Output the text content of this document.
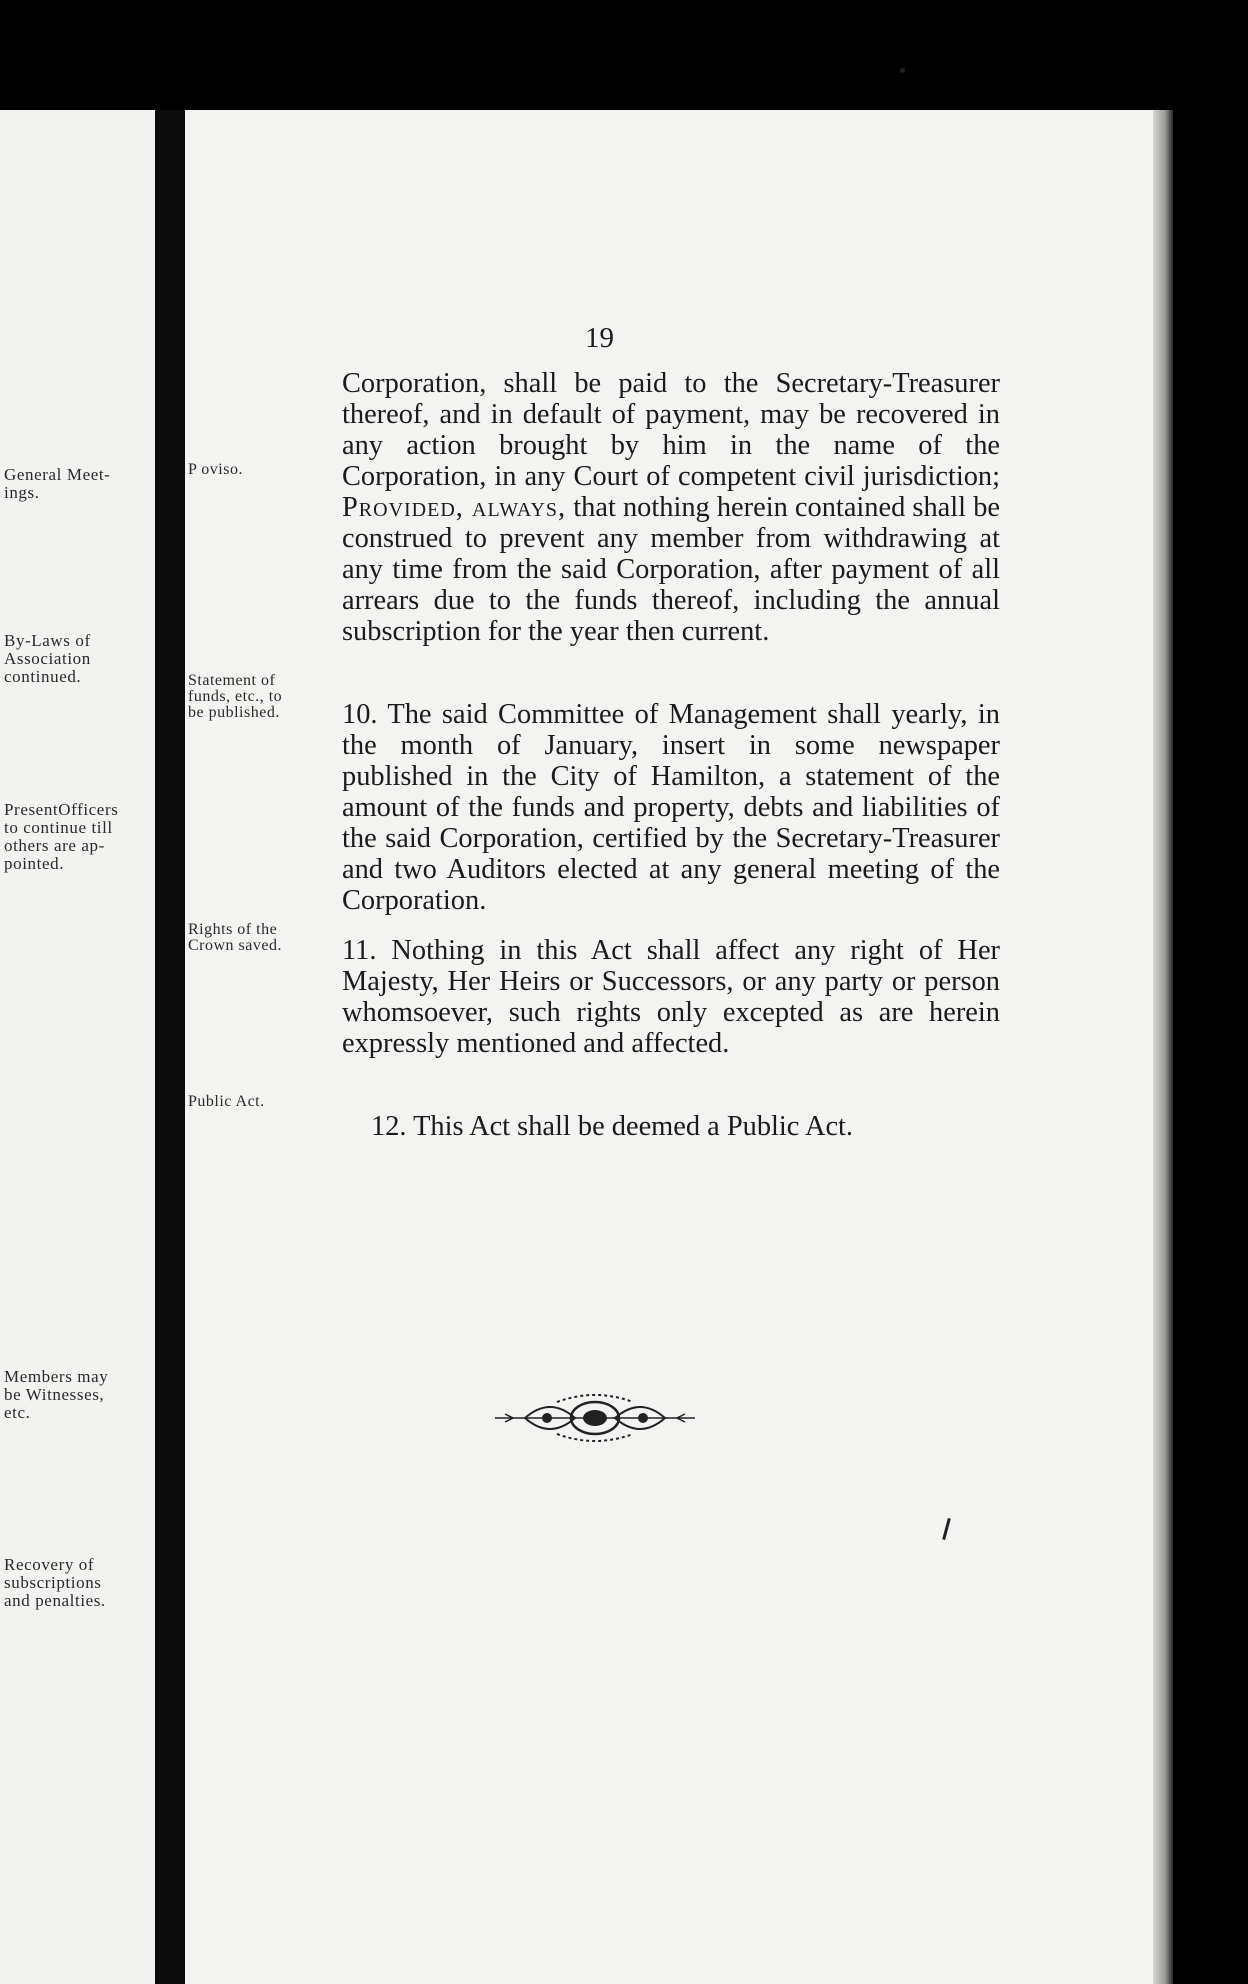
General Meet-
ings.
By-Laws of
Association
continued.
PresentOfficers
to continue till
others are ap-
pointed.
Members may
be Witnesses,
etc.
Recovery of
subscriptions
and penalties.
19
P oviso.
Statement of
funds, etc., to
be published.
Rights of the
Crown saved.
Public Act.

Corporation, shall be paid to the Secretary-Treasurer thereof, and in default of payment, may be recovered in any action brought by him in the name of the Corporation, in any Court of competent civil jurisdiction; Provided, always, that nothing herein contained shall be construed to prevent any member from withdrawing at any time from the said Corporation, after payment of all arrears due to the funds thereof, including the annual subscription for the year then current.

10. The said Committee of Management shall yearly, in the month of January, insert in some newspaper published in the City of Hamilton, a statement of the amount of the funds and property, debts and liabilities of the said Corporation, certified by the Secretary-Treasurer and two Auditors elected at any general meeting of the Corporation.

11. Nothing in this Act shall affect any right of Her Majesty, Her Heirs or Successors, or any party or person whomsoever, such rights only excepted as are herein expressly mentioned and affected.

12. This Act shall be deemed a Public Act.
